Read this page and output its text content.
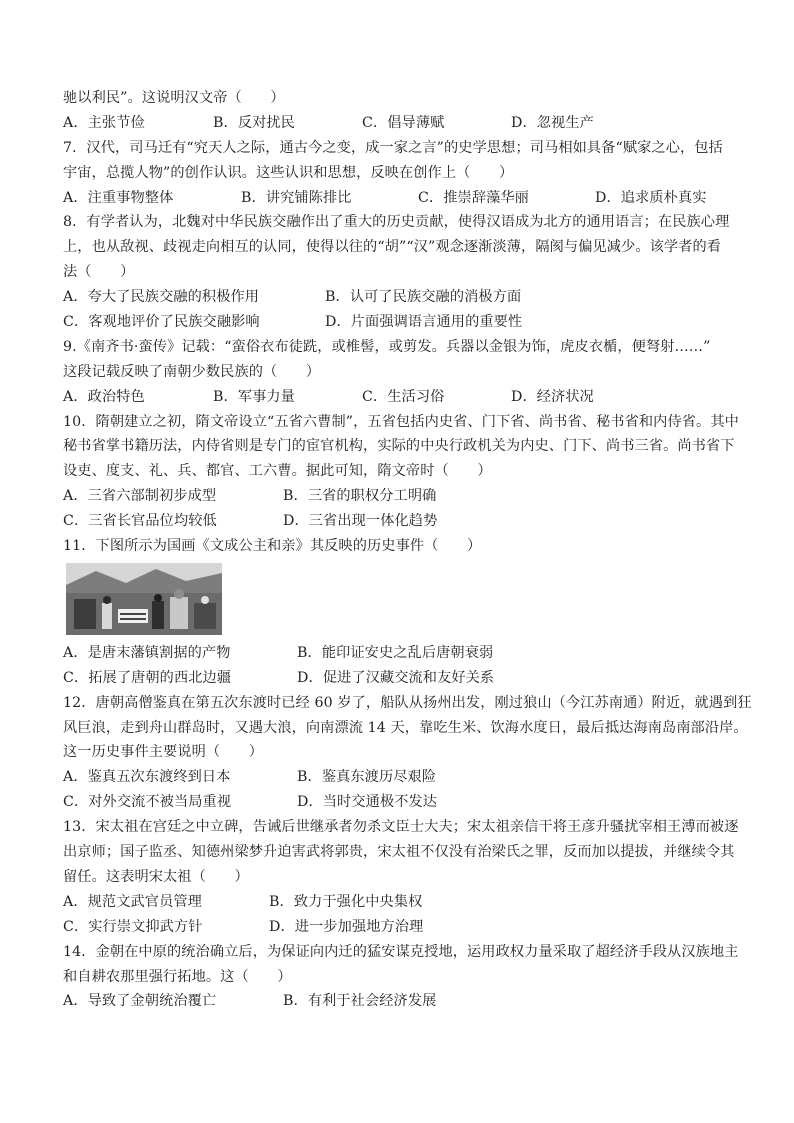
驰以利民”。这说明汉文帝（　　）
A．主张节俭	B．反对扰民	C．倡导薄赋	D．忽视生产
7．汉代，司马迁有“究天人之际，通古今之变，成一家之言”的史学思想；司马相如具备“赋家之心，包括
宇宙，总揽人物”的创作认识。这些认识和思想，反映在创作上（　　）
A．注重事物整体	B．讲究铺陈排比	C．推崇辞藻华丽	D．追求质朴真实
8．有学者认为，北魏对中华民族交融作出了重大的历史贡献，使得汉语成为北方的通用语言；在民族心理
上，也从敌视、歧视走向相互的认同，使得以往的“胡”“汉”观念逐渐淡薄，隔阂与偏见减少。该学者的看
法（　　）
A．夸大了民族交融的积极作用	B．认可了民族交融的消极方面
C．客观地评价了民族交融影响	D．片面强调语言通用的重要性
9.《南齐书·蛮传》记载：“蛮俗衣布徒跣，或椎髻，或剪发。兵器以金银为饰，虎皮衣楯，便弩射……”
这段记载反映了南朝少数民族的（　　）
A．政治特色	B．军事力量	C．生活习俗	D．经济状况
10．隋朝建立之初，隋文帝设立“五省六曹制”，五省包括内史省、门下省、尚书省、秘书省和内侍省。其中
秘书省掌书籍历法，内侍省则是专门的宦官机构，实际的中央行政机关为内史、门下、尚书三省。尚书省下
设吏、度支、礼、兵、都官、工六曹。据此可知，隋文帝时（　　）
A．三省六部制初步成型	B．三省的职权分工明确
C．三省长官品位均较低	D．三省出现一体化趋势
11．下图所示为国画《文成公主和亲》其反映的历史事件（　　）
A．是唐末藩镇割据的产物	B．能印证安史之乱后唐朝衰弱
C．拓展了唐朝的西北边疆	D．促进了汉藏交流和友好关系
12．唐朝高僧鉴真在第五次东渡时已经 60 岁了，船队从扬州出发，刚过狼山（今江苏南通）附近，就遇到狂
风巨浪，走到舟山群岛时，又遇大浪，向南漂流 14 天，靠吃生米、饮海水度日，最后抵达海南岛南部沿岸。
这一历史事件主要说明（　　）
A．鉴真五次东渡终到日本	B．鉴真东渡历尽艰险
C．对外交流不被当局重视	D．当时交通极不发达
13．宋太祖在宫廷之中立碑，告诫后世继承者勿杀文臣士大夫；宋太祖亲信干将王彦升骚扰宰相王溥而被逐
出京师；国子监丞、知德州梁梦升迫害武将郭贵，宋太祖不仅没有治梁氏之罪，反而加以提拔，并继续令其
留任。这表明宋太祖（　　）
A．规范文武官员管理	B．致力于强化中央集权
C．实行崇文抑武方针	D．进一步加强地方治理
14．金朝在中原的统治确立后，为保证向内迁的猛安谋克授地，运用政权力量采取了超经济手段从汉族地主
和自耕农那里强行拓地。这（　　）
A．导致了金朝统治覆亡	B．有利于社会经济发展
